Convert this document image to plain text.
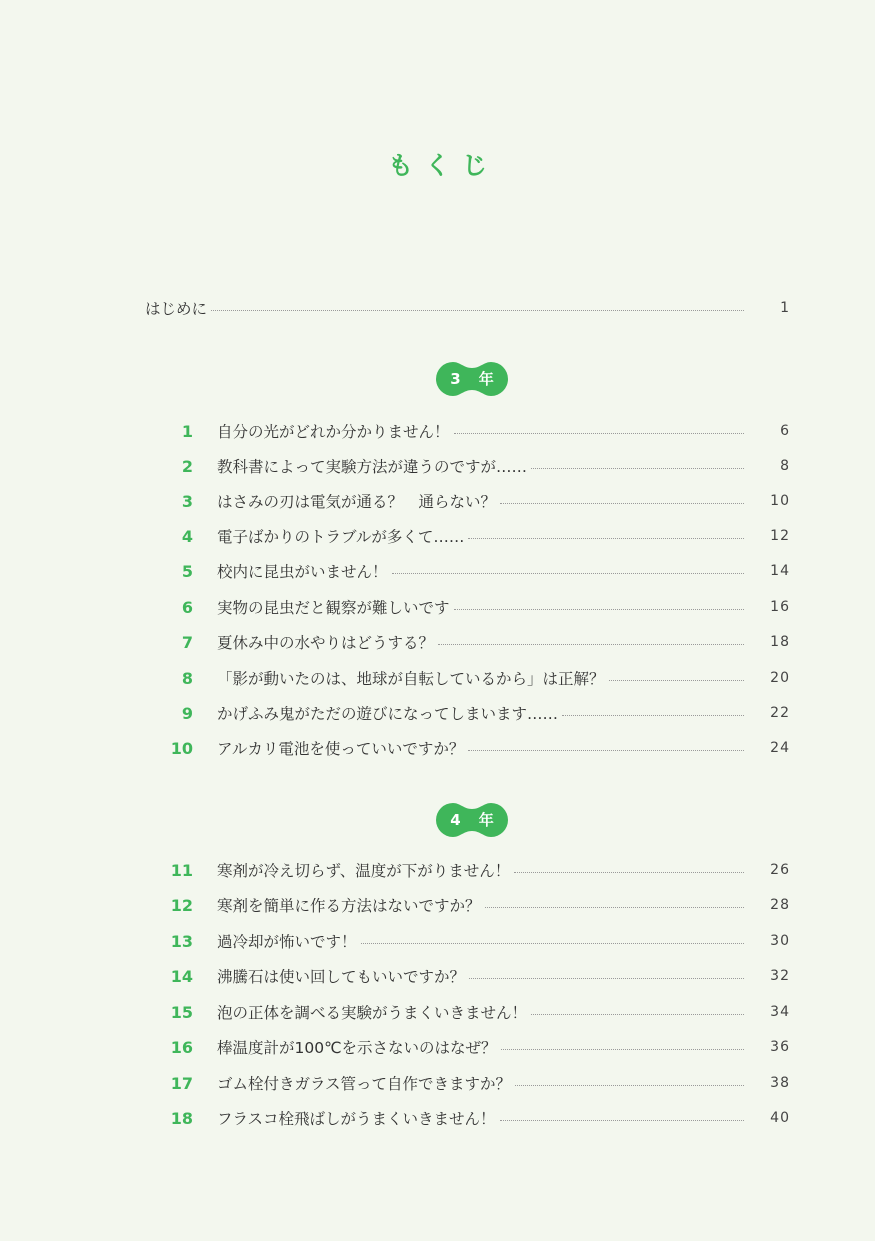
もくじ
はじめに	1
3 年
1 自分の光がどれか分かりません！	6
2 教科書によって実験方法が違うのですが……	8
3 はさみの刃は電気が通る？　通らない？	10
4 電子ばかりのトラブルが多くて……	12
5 校内に昆虫がいません！	14
6 実物の昆虫だと観察が難しいです	16
7 夏休み中の水やりはどうする？	18
8 「影が動いたのは、地球が自転しているから」は正解？	20
9 かげふみ鬼がただの遊びになってしまいます……	22
10 アルカリ電池を使っていいですか？	24
4 年
11 寒剤が冷え切らず、温度が下がりません！	26
12 寒剤を簡単に作る方法はないですか？	28
13 過冷却が怖いです！	30
14 沸騰石は使い回してもいいですか？	32
15 泡の正体を調べる実験がうまくいきません！	34
16 棒温度計が100℃を示さないのはなぜ？	36
17 ゴム栓付きガラス管って自作できますか？	38
18 フラスコ栓飛ばしがうまくいきません！	40
